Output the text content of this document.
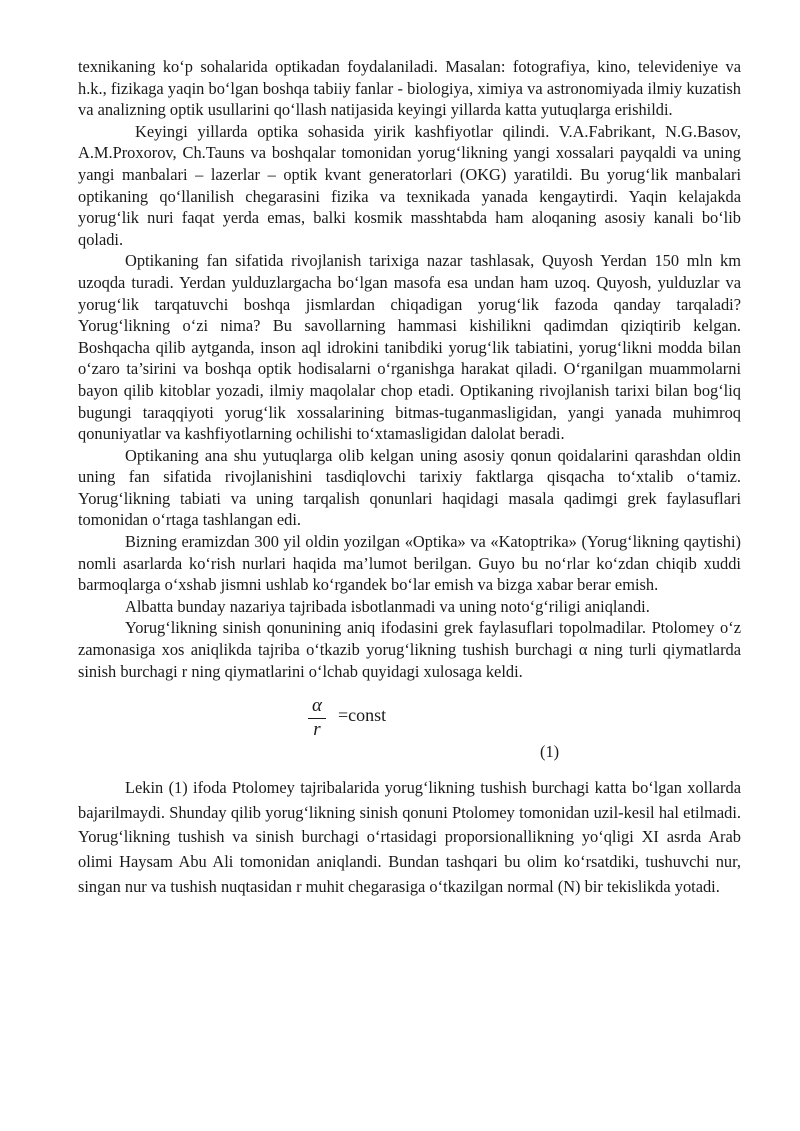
texnikaning ko‘p sohalarida optikadan foydalaniladi. Masalan: fotografiya, kino, televideniye va h.k., fizikaga yaqin bo‘lgan boshqa tabiiy fanlar - biologiya, ximiya va astronomiyada ilmiy kuzatish va analizning optik usullarini qo‘llash natijasida keyingi yillarda katta yutuqlarga erishildi.

Keyingi yillarda optika sohasida yirik kashfiyotlar qilindi. V.A.Fabrikant, N.G.Basov, A.M.Proxorov, Ch.Tauns va boshqalar tomonidan yorug‘likning yangi xossalari payqaldi va uning yangi manbalari – lazerlar – optik kvant generatorlari (OKG) yaratildi. Bu yorug‘lik manbalari optikaning qo‘llanilish chegarasini fizika va texnikada yanada kengaytirdi. Yaqin kelajakda yorug‘lik nuri faqat yerda emas, balki kosmik masshtabda ham aloqaning asosiy kanali bo‘lib qoladi.

Optikaning fan sifatida rivojlanish tarixiga nazar tashlasak, Quyosh Yerdan 150 mln km uzoqda turadi. Yerdan yulduzlargacha bo‘lgan masofa esa undan ham uzoq. Quyosh, yulduzlar va yorug‘lik tarqatuvchi boshqa jismlardan chiqadigan yorug‘lik fazoda qanday tarqaladi? Yorug‘likning o‘zi nima? Bu savollarning hammasi kishilikni qadimdan qiziqtirib kelgan. Boshqacha qilib aytganda, inson aql idrokini tanibdiki yorug‘lik tabiatini, yorug‘likni modda bilan o‘zaro ta’sirini va boshqa optik hodisalarni o‘rganishga harakat qiladi. O‘rganilgan muammolarni bayon qilib kitoblar yozadi, ilmiy maqolalar chop etadi. Optikaning rivojlanish tarixi bilan bog‘liq bugungi taraqqiyoti yorug‘lik xossalarining bitmas-tuganmasligidan, yangi yanada muhimroq qonuniyatlar va kashfiyotlarning ochilishi to‘xtamasligidan dalolat beradi.

Optikaning ana shu yutuqlarga olib kelgan uning asosiy qonun qoidalarini qarashdan oldin uning fan sifatida rivojlanishini tasdiqlovchi tarixiy faktlarga qisqacha to‘xtalib o‘tamiz. Yorug‘likning tabiati va uning tarqalish qonunlari haqidagi masala qadimgi grek faylasuflari tomonidan o‘rtaga tashlangan edi.

Bizning eramizdan 300 yil oldin yozilgan «Optika» va «Katoptrika» (Yorug‘likning qaytishi) nomli asarlarda ko‘rish nurlari haqida ma’lumot berilgan. Guyo bu no‘rlar ko‘zdan chiqib xuddi barmoqlarga o‘xshab jismni ushlab ko‘rgandek bo‘lar emish va bizga xabar berar emish.

Albatta bunday nazariya tajribada isbotlanmadi va uning noto‘g‘riligi aniqlandi.

Yorug‘likning sinish qonunining aniq ifodasini grek faylasuflari topolmadilar. Ptolomey o‘z zamonasiga xos aniqlikda tajriba o‘tkazib yorug‘likning tushish burchagi α ning turli qiymatlarda sinish burchagi r ning qiymatlarini o‘lchab quyidagi xulosaga keldi.

α
r
=const
(1)

Lekin (1) ifoda Ptolomey tajribalarida yorug‘likning tushish burchagi katta bo‘lgan xollarda bajarilmaydi. Shunday qilib yorug‘likning sinish qonuni Ptolomey tomonidan uzil-kesil hal etilmadi. Yorug‘likning tushish va sinish burchagi o‘rtasidagi proporsionallikning yo‘qligi XI asrda Arab olimi Haysam Abu Ali tomonidan aniqlandi. Bundan tashqari bu olim ko‘rsatdiki, tushuvchi nur, singan nur va tushish nuqtasidan r muhit chegarasiga o‘tkazilgan normal (N) bir tekislikda yotadi.
